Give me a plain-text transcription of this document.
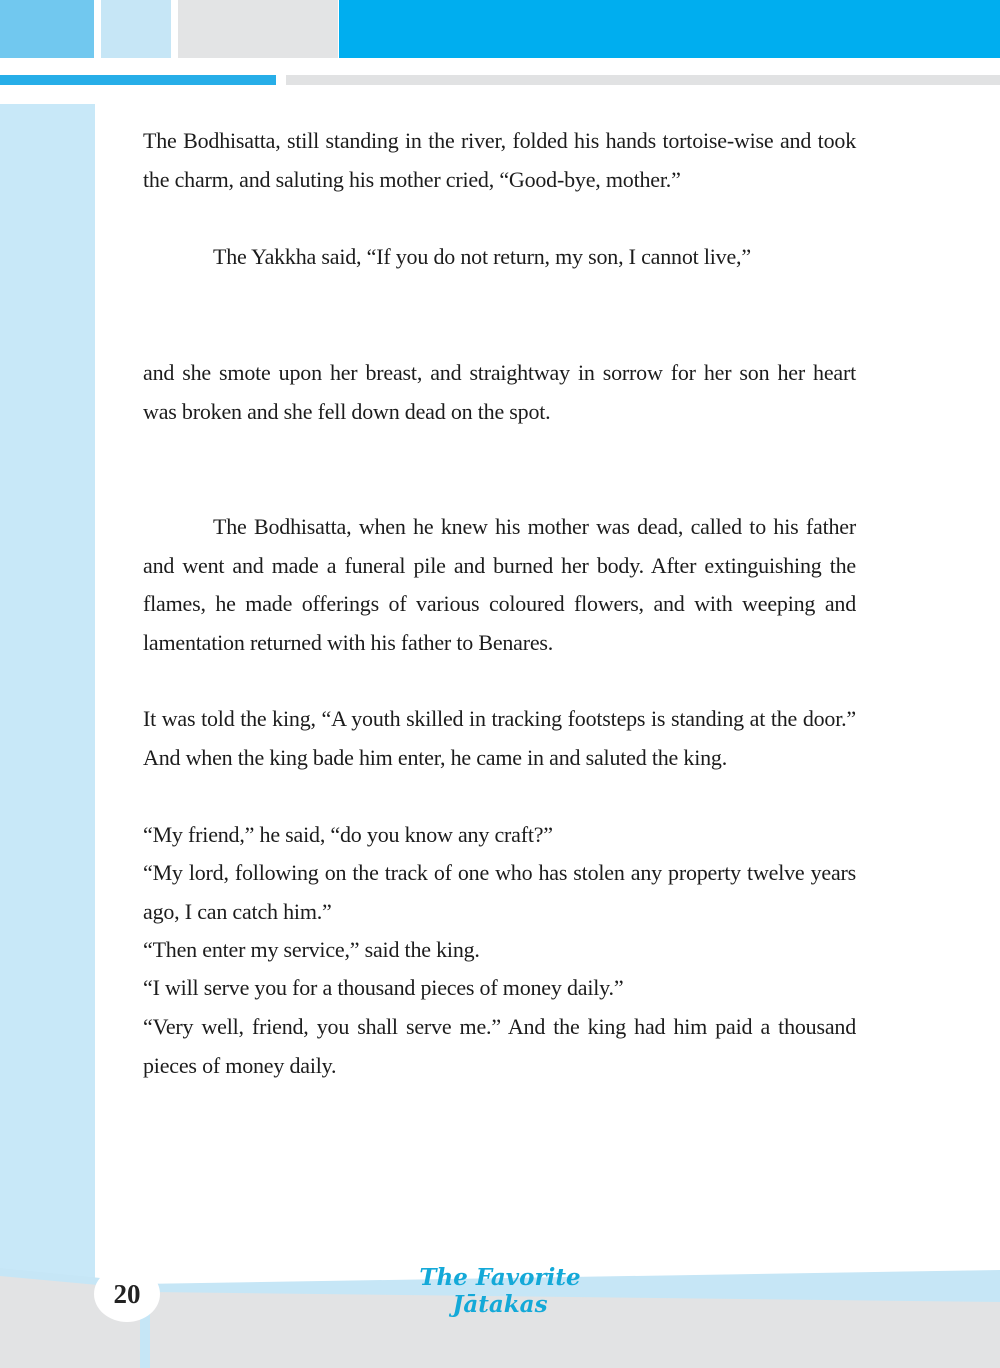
The Bodhisatta, still standing in the river, folded his hands tortoise-wise and took the charm, and saluting his mother cried, “Good-bye, mother.”

The Yakkha said, “If you do not return, my son, I cannot live,”

and she smote upon her breast, and straightway in sorrow for her son her heart was broken and she fell down dead on the spot.

The Bodhisatta, when he knew his mother was dead, called to his father and went and made a funeral pile and burned her body. After extinguishing the flames, he made offerings of various coloured flowers, and with weeping and lamentation returned with his father to Benares.

It was told the king, “A youth skilled in tracking footsteps is standing at the door.” And when the king bade him enter, he came in and saluted the king.

“My friend,” he said, “do you know any craft?”

“My lord, following on the track of one who has stolen any property twelve years ago, I can catch him.”

“Then enter my service,” said the king.

“I will serve you for a thousand pieces of money daily.”

“Very well, friend, you shall serve me.” And the king had him paid a thousand pieces of money daily.

20
The Favorite Jātakas
